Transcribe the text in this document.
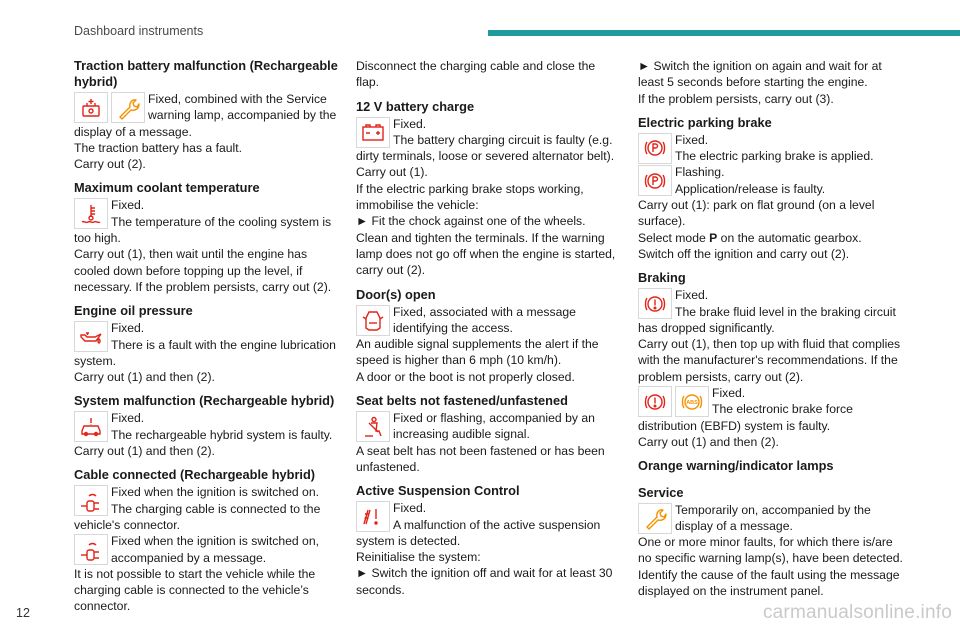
Dashboard instruments
Traction battery malfunction (Rechargeable hybrid)
Fixed, combined with the Service warning lamp, accompanied by the display of a message.
The traction battery has a fault.
Carry out (2).
Maximum coolant temperature
Fixed.
The temperature of the cooling system is too high.
Carry out (1), then wait until the engine has cooled down before topping up the level, if necessary. If the problem persists, carry out (2).
Engine oil pressure
Fixed.
There is a fault with the engine lubrication system.
Carry out (1) and then (2).
System malfunction (Rechargeable hybrid)
Fixed.
The rechargeable hybrid system is faulty.
Carry out (1) and then (2).
Cable connected (Rechargeable hybrid)
Fixed when the ignition is switched on.
The charging cable is connected to the vehicle's connector.
Fixed when the ignition is switched on, accompanied by a message.
It is not possible to start the vehicle while the charging cable is connected to the vehicle’s connector.
Disconnect the charging cable and close the flap.
12 V battery charge
Fixed.
The battery charging circuit is faulty (e.g. dirty terminals, loose or severed alternator belt).
Carry out (1).
If the electric parking brake stops working, immobilise the vehicle:
► Fit the chock against one of the wheels.
Clean and tighten the terminals. If the warning lamp does not go off when the engine is started, carry out (2).
Door(s) open
Fixed, associated with a message identifying the access.
An audible signal supplements the alert if the speed is higher than 6 mph (10 km/h).
A door or the boot is not properly closed.
Seat belts not fastened/unfastened
Fixed or flashing, accompanied by an increasing audible signal.
A seat belt has not been fastened or has been unfastened.
Active Suspension Control
Fixed.
A malfunction of the active suspension system is detected.
Reinitialise the system:
► Switch the ignition off and wait for at least 30 seconds.
► Switch the ignition on again and wait for at least 5 seconds before starting the engine.
If the problem persists, carry out (3).
Electric parking brake
Fixed.
The electric parking brake is applied.
Flashing.
Application/release is faulty.
Carry out (1): park on flat ground (on a level surface).
Select mode P on the automatic gearbox.
Switch off the ignition and carry out (2).
Braking
Fixed.
The brake fluid level in the braking circuit has dropped significantly.
Carry out (1), then top up with fluid that complies with the manufacturer's recommendations. If the problem persists, carry out (2).
ABS
Fixed.
The electronic brake force distribution (EBFD) system is faulty.
Carry out (1) and then (2).
Orange warning/indicator lamps
Service
Temporarily on, accompanied by the display of a message.
One or more minor faults, for which there is/are no specific warning lamp(s), have been detected.
Identify the cause of the fault using the message displayed on the instrument panel.
12	carmanualsonline.info
